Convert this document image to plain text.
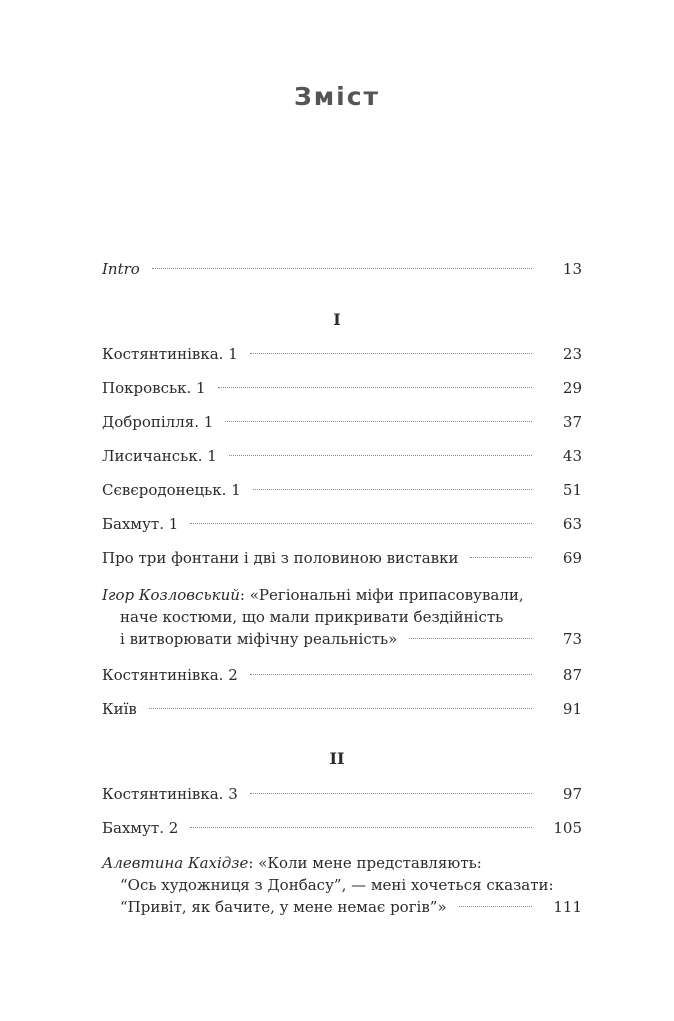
Зміст
Intro	13
I
Костянтинівка. 1	23
Покровськ. 1	29
Добропілля. 1	37
Лисичанськ. 1	43
Сєвєродонецьк. 1	51
Бахмут. 1	63
Про три фонтани і дві з половиною виставки	69
Ігор Козловський: «Регіональні міфи припасовували,
наче костюми, що мали прикривати бездійність
і витворювати міфічну реальність»	73
Костянтинівка. 2	87
Київ	91
II
Костянтинівка. 3	97
Бахмут. 2	105
Алевтина Кахідзе: «Коли мене представляють:
“Ось художниця з Донбасу”, — мені хочеться сказати:
“Привіт, як бачите, у мене немає рогів”»	111
